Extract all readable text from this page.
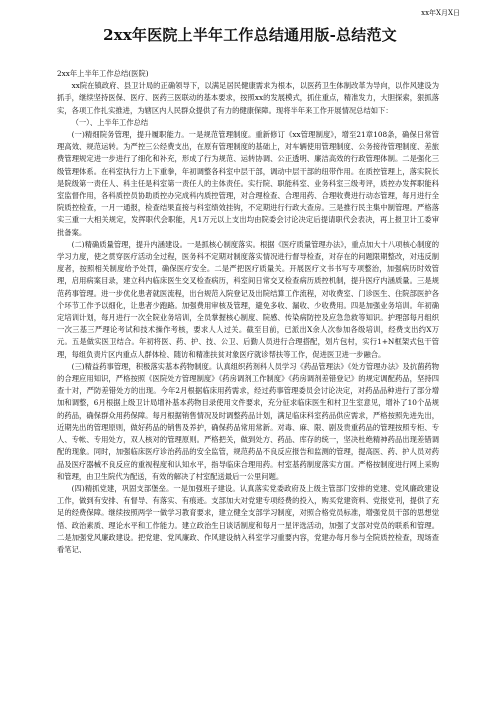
xx年X月X日
2xx年医院上半年工作总结通用版-总结范文

2xx年上半年工作总结(医院)

xx院在镇政府、县卫计局的正确领导下，以满足居民健康需求为根本，以医药卫生体制改革为导向，以作风建设为抓手，继续坚持医保、医疗、医药三医联动的基本要求，按照xx的发展模式，抓住重点，精准发力，大胆探索，狠抓落实，各项工作扎实推进，为辖区内人民群众提供了有力的健康保障。现将半年来工作开展情况总结如下：

（一）、上半年工作总结

(一)精细院务管理，提升履职能力。一是规范管理制度。重新修订《xx管理制度》，增至21章108条，确保日常管理高效、规范运转。为严控三公经费支出，在原有管理制度的基础上，对车辆使用管理制度、公务接待管理制度、差旅费管理规定进一步进行了细化和补充，形成了行为规范、运转协调、公正透明、廉洁高效的行政管理体制。二是强化三级管理体系。在科室执行力上下重拳，年初调整各科室中层干部，调动中层干部的纽带作用。在质控管理上，落实院长是院级第一责任人、科主任是科室第一责任人的主体责任。实行院、职能科室、业务科室三级考评，质控办发挥职能科室监督作用，各科质控员协助质控办完成科内质控管理，对合理检查、合理用药、合理收费进行动态管理，每月进行全院质控检查，一月一通报，检查结果直接与科室绩效挂钩，不定期进行行政大查房。三是推行民主集中制管理。严格落实三重一大相关规定，发挥职代会职能，凡1万元以上支出均由院委会讨论决定后提请职代会表决，再上报卫计工委审批备案。

(二)精确质量管理，提升内涵建设。一是抓核心制度落实。根据《医疗质量管理办法》，重点加大十八项核心制度的学习力度，使之贯穿医疗活动全过程，医务科不定期对制度落实情况进行督导检查，对存在的问题限期整改，对违反制度者，按照相关制度给予处罚，确保医疗安全。二是严把医疗质量关。开展医疗文书书写专项整治，加强病历时效管理，启用病案目录，建立科内临床医生交叉检查病历，科室间日常交叉检查病历质控机制，提升医疗内涵质量。三是规范药事管理。进一步优化患者就医流程，出台规范入院登记及出院结算工作流程，对收费室、门诊医生、住院部医护各个环节工作予以细化，让患者少跑路。加强费用审核及管理，避免多收、漏收、少收费用。四是加强业务培训。年初确定培训计划，每月进行一次全院业务培训，全员掌握核心制度、院感、传染病防控及应急急救等知识。护理部每月组织一次三基三严理论考试和技术操作考核，要求人人过关。截至目前，已派出X余人次参加各级培训，经费支出约X万元。五是做实医卫结合。年初将医、药、护、技、公卫、后勤人员进行合理搭配，划片包村，实行1+N框架式包干管理，每组负责片区内重点人群体检、随访和精准扶贫对象医疗就诊帮扶等工作，促进医卫进一步融合。

(三)精益药事管理，积极落实基本药物制度。认真组织药剂科人员学习《药品管理法》《处方管理办法》及抗菌药物的合理应用知识，严格按照《医院处方管理制度》《药房调剂工作制度》《药房调剂差错登记》的规定调配药品，坚持四查十对，严防差错处方的出现。今年2月根据临床用药需求，经过药事管理委员会讨论决定，对药品品种进行了部分增加和调整，6月根据上级卫计局增补基本药物目录使用文件要求，充分征求临床医生和村卫生室意见，增补了10个品规的药品，确保群众用药保障。每月根据销售情况及时调整药品计划，满足临床科室药品供应需求，严格按照先进先出，近期先出的管理原则，做好药品的销售及养护，确保药品常用常新。对毒、麻、限、剧及贵重药品的管理按照专柜、专人、专帐、专用处方，双人核对的管理原则。严格把关，做到处方、药品、库存的统一，坚决杜绝精神药品出现差错调配的现象。同时，加强临床医疗诊治药品的安全监管，规范药品不良反应报告和监测的管理，提高医、药、护人员对药品及医疗器械不良反应的重视程度和认知水平，指导临床合理用药。村室基药制度落实方面。严格按制度进行网上采购和管理，由卫生院代为配送，有效的解决了村室配送最后一公里问题。

(四)精抓党建，巩固支部堡垒。一是加强班子建设。认真落实党委政府及上级主管部门安排的党建、党风廉政建设工作，做到有安排、有督导、有落实、有痕迹。支部加大对党建专项经费的投入，购买党建资料、党报党刊，提供了充足的经费保障。继续按照两学一做学习教育要求，建立健全支部学习制度，对照合格党员标准，增强党员干部的思想觉悟、政治素质、理论水平和工作能力。建立政治生日谈话制度和每月一星评选活动，加强了支部对党员的联系和管理。二是加强党风廉政建设。把党建、党风廉政、作风建设纳入科室学习重要内容，党建办每月参与全院质控检查，现场查看笔记、
